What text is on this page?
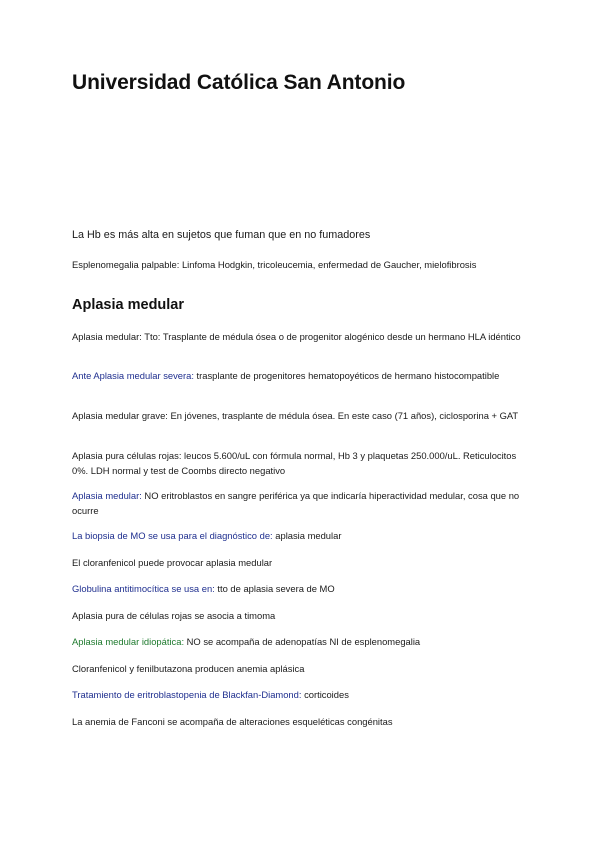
Universidad Católica San Antonio

La Hb es más alta en sujetos que fuman que en no fumadores

Esplenomegalia palpable: Linfoma Hodgkin, tricoleucemia, enfermedad de Gaucher, mielofibrosis

Aplasia medular

Aplasia medular: Tto: Trasplante de médula ósea o de progenitor alogénico desde un hermano HLA idéntico

Ante Aplasia medular severa: trasplante de progenitores hematopoyéticos de hermano histocompatible

Aplasia medular grave: En jóvenes, trasplante de médula ósea. En este caso (71 años), ciclosporina + GAT

Aplasia pura células rojas: leucos 5.600/uL con fórmula normal, Hb 3 y plaquetas 250.000/uL. Reticulocitos 0%. LDH normal y test de Coombs directo negativo

Aplasia medular: NO eritroblastos en sangre periférica ya que indicaría hiperactividad medular, cosa que no ocurre

La biopsia de MO se usa para el diagnóstico de: aplasia medular

El cloranfenicol puede provocar aplasia medular

Globulina antitimocítica se usa en: tto de aplasia severa de MO

Aplasia pura de células rojas se asocia a timoma

Aplasia medular idiopática: NO se acompaña de adenopatías NI de esplenomegalia

Cloranfenicol y fenilbutazona producen anemia aplásica

Tratamiento de eritroblastopenia de Blackfan-Diamond: corticoides

La anemia de Fanconi se acompaña de alteraciones esqueléticas congénitas
